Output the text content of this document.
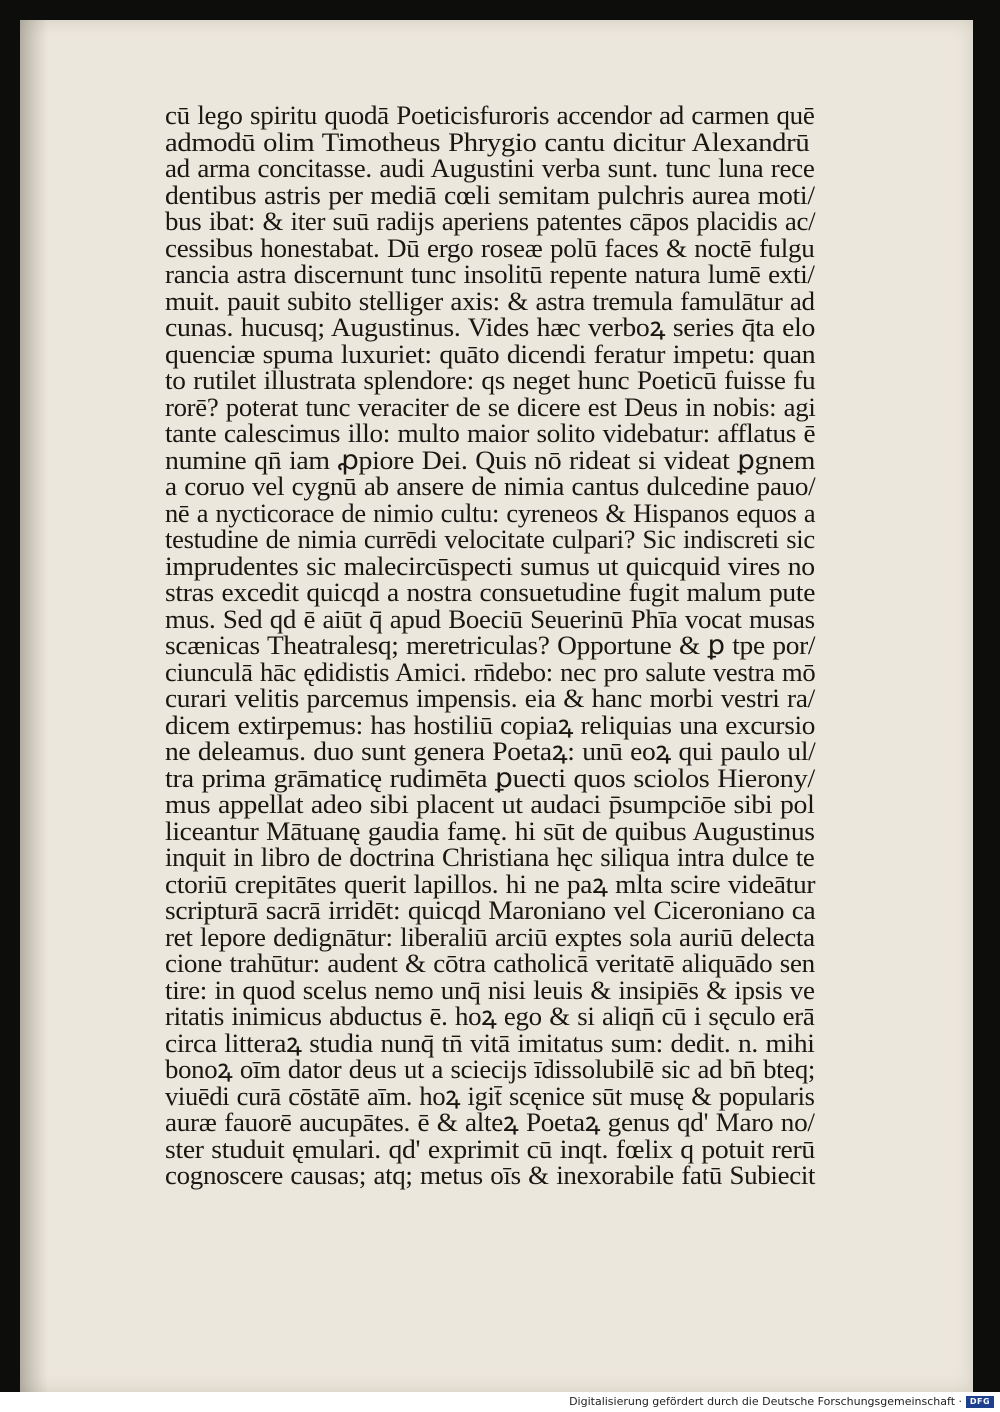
cū lego spiritu quodā Poeticisfuroris accendor ad carmen quē
admodū olim Timotheus Phrygio cantu dicitur Alexandrū
ad arma concitasse. audi Augustini verba sunt. tunc luna rece
dentibus astris per mediā cœli semitam pulchris aurea moti/
bus ibat: & iter suū radijs aperiens patentes cāpos placidis ac/
cessibus honestabat. Dū ergo roseæ polū faces & noctē fulgu
rancia astra discernunt tunc insolitū repente natura lumē exti/
muit. pauit subito stelliger axis: & astra tremula famulātur ad
cunas. hucusq; Augustinus. Vides hæc verboꝝ series q̄ta elo
quenciæ spuma luxuriet: quāto dicendi feratur impetu: quan
to rutilet illustrata splendore: qs neget hunc Poeticū fuisse fu
rorē? poterat tunc veraciter de se dicere est Deus in nobis: agi
tante calescimus illo: multo maior solito videbatur: afflatus ē
numine qn̄ iam ꝓpiore Dei. Quis nō rideat si videat ꝑgnem
a coruo vel cygnū ab ansere de nimia cantus dulcedine pauo/
nē a nycticorace de nimio cultu: cyreneos & Hispanos equos a
testudine de nimia currēdi velocitate culpari? Sic indiscreti sic
imprudentes sic malecircūspecti sumus ut quicquid vires no
stras excedit quicqd a nostra consuetudine fugit malum pute
mus. Sed qd ē aiūt q̄ apud Boeciū Seuerinū Phīa vocat musas
scænicas Theatralesq; meretriculas? Opportune & ꝑ tpe por/
ciunculā hāc ędidistis Amici. rn̄debo: nec pro salute vestra mō
curari velitis parcemus impensis. eia & hanc morbi vestri ra/
dicem extirpemus: has hostiliū copiaꝝ reliquias una excursio
ne deleamus. duo sunt genera Poetaꝝ: unū eoꝝ qui paulo ul/
tra prima grāmaticę rudimēta ꝑuecti quos sciolos Hierony/
mus appellat adeo sibi placent ut audaci p̄sumpciōe sibi pol
liceantur Mātuanę gaudia famę. hi sūt de quibus Augustinus
inquit in libro de doctrina Christiana hęc siliqua intra dulce te
ctoriū crepitātes querit lapillos. hi ne paꝝ mlta scire videātur
scripturā sacrā irridēt: quicqd Maroniano vel Ciceroniano ca
ret lepore dedignātur: liberaliū arciū exptes sola auriū delecta
cione trahūtur: audent & cōtra catholicā veritatē aliquādo sen
tire: in quod scelus nemo unq̄ nisi leuis & insipiēs & ipsis ve
ritatis inimicus abductus ē. hoꝝ ego & si aliqn̄ cū i sęculo erā
circa litteraꝝ studia nunq̄ tn̄ vitā imitatus sum: dedit. n. mihi
bonoꝝ oīm dator deus ut a sciecijs īdissolubilē sic ad bn̄ bteq;
viuēdi curā cōstātē aīm. hoꝝ igit̄ scęnice sūt musę & popularis
auræ fauorē aucupātes. ē & alteꝝ Poetaꝝ genus qd' Maro no/
ster studuit ęmulari. qd' exprimit cū inqt. fœlix q potuit rerū
cognoscere causas; atq; metus oīs & inexorabile fatū Subiecit
Digitalisierung gefördert durch die Deutsche Forschungsgemeinschaft · DFG
